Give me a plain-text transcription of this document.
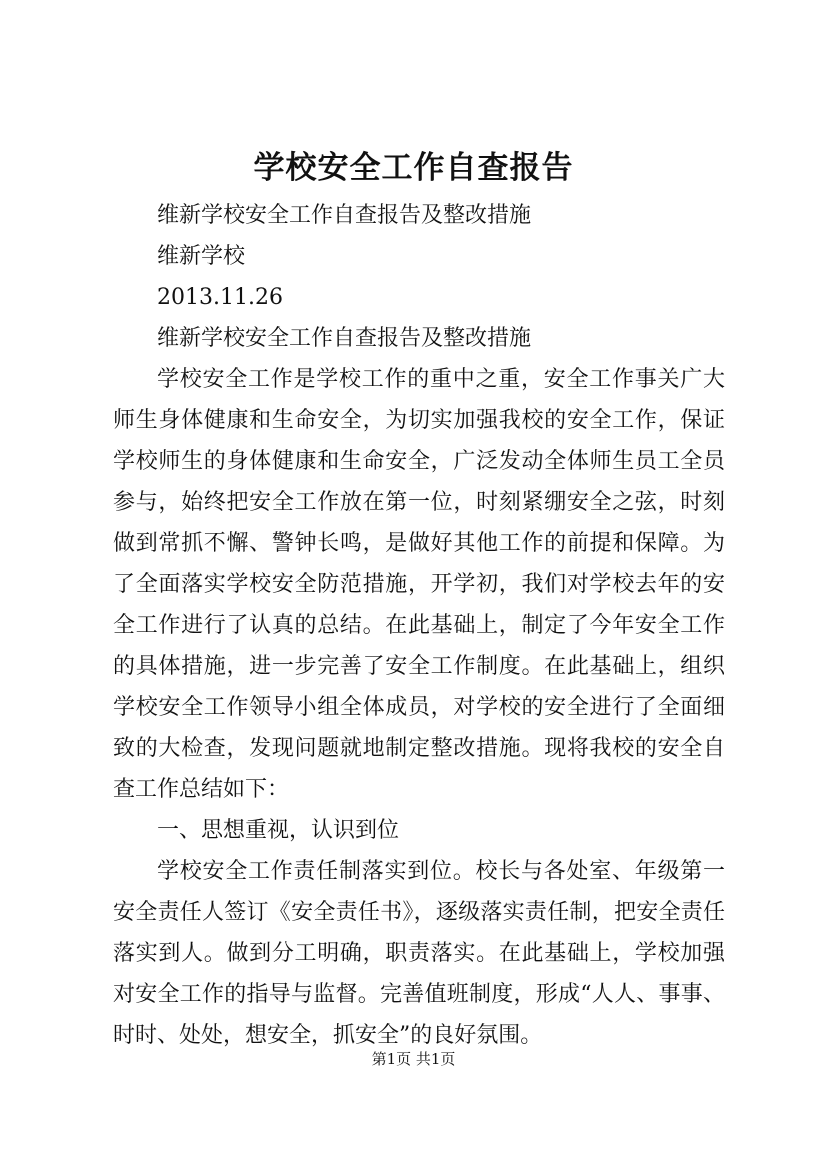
学校安全工作自查报告
维新学校安全工作自查报告及整改措施
维新学校
2013.11.26
维新学校安全工作自查报告及整改措施

学校安全工作是学校工作的重中之重，安全工作事关广大师生身体健康和生命安全，为切实加强我校的安全工作，保证学校师生的身体健康和生命安全，广泛发动全体师生员工全员参与，始终把安全工作放在第一位，时刻紧绷安全之弦，时刻做到常抓不懈、警钟长鸣，是做好其他工作的前提和保障。为了全面落实学校安全防范措施，开学初，我们对学校去年的安全工作进行了认真的总结。在此基础上，制定了今年安全工作的具体措施，进一步完善了安全工作制度。在此基础上，组织学校安全工作领导小组全体成员，对学校的安全进行了全面细致的大检查，发现问题就地制定整改措施。现将我校的安全自查工作总结如下：

一、思想重视，认识到位

学校安全工作责任制落实到位。校长与各处室、年级第一安全责任人签订《安全责任书》，逐级落实责任制，把安全责任落实到人。做到分工明确，职责落实。在此基础上，学校加强对安全工作的指导与监督。完善值班制度，形成“人人、事事、时时、处处，想安全，抓安全”的良好氛围。

第1页 共1页
